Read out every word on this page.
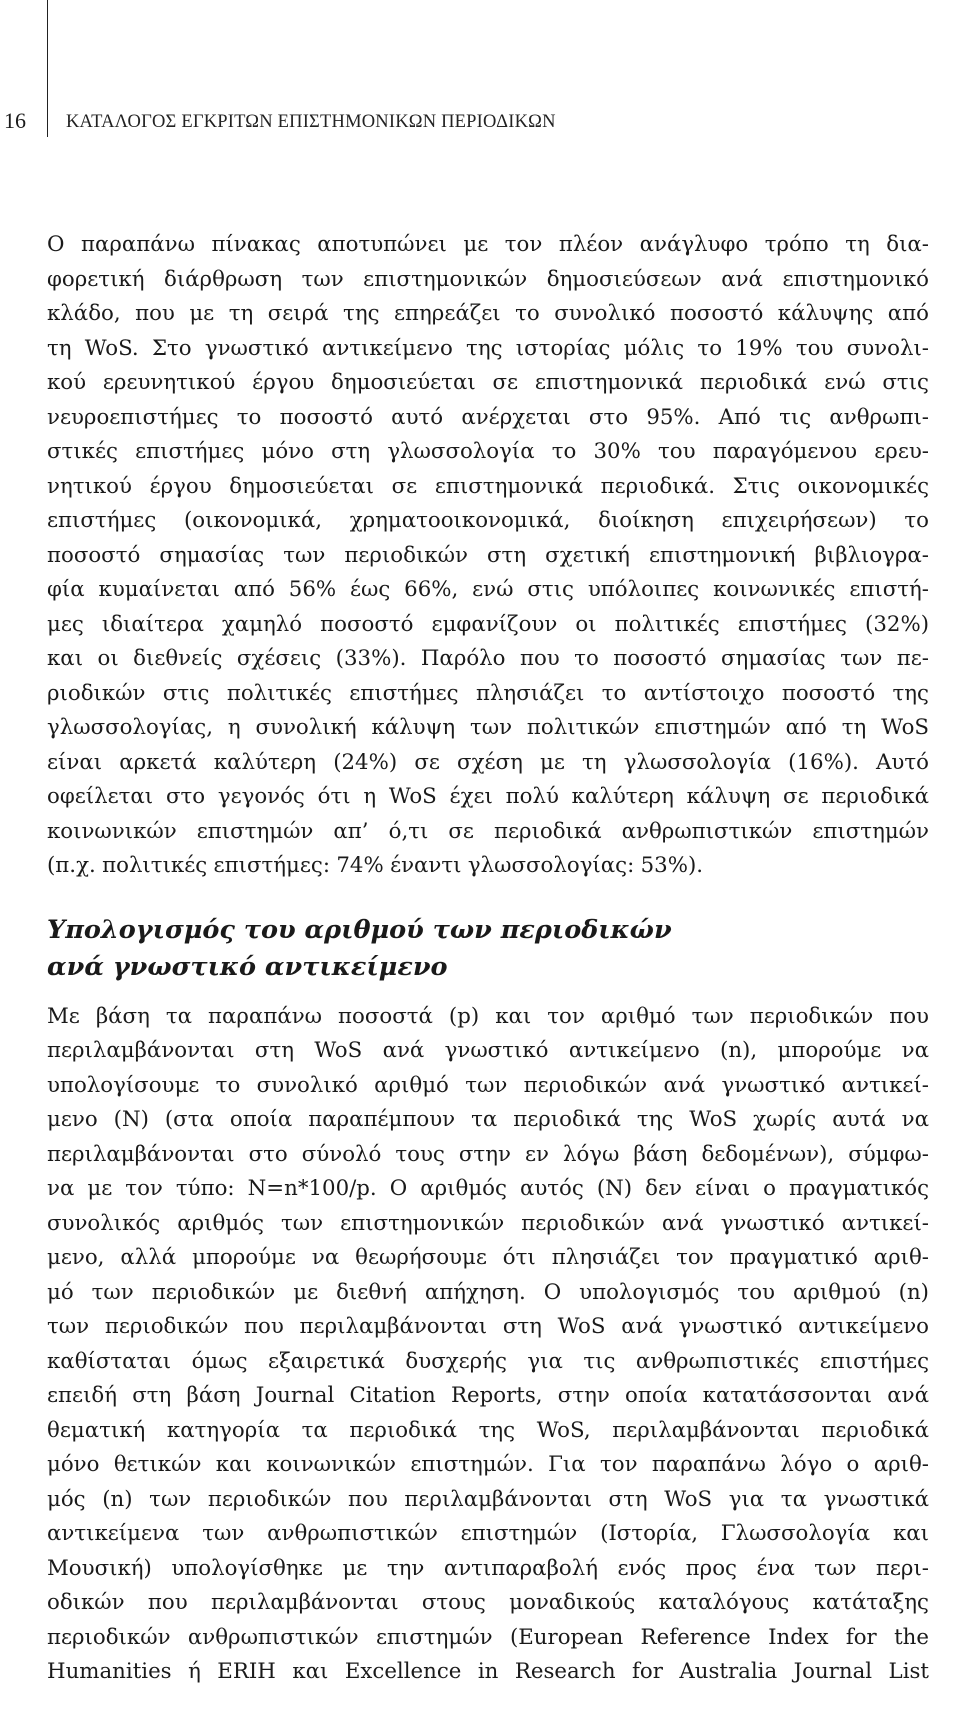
16 ΚΑΤΑΛΟΓΟΣ ΕΓΚΡΙΤΩΝ ΕΠΙΣΤΗΜΟΝΙΚΩΝ ΠΕΡΙΟΔΙΚΩΝ
Ο παραπάνω πίνακας αποτυπώνει με τον πλέον ανάγλυφο τρόπο τη δια-
φορετική διάρθρωση των επιστημονικών δημοσιεύσεων ανά επιστημονικό
κλάδο, που με τη σειρά της επηρεάζει το συνολικό ποσοστό κάλυψης από
τη WoS. Στο γνωστικό αντικείμενο της ιστορίας μόλις το 19% του συνολι-
κού ερευνητικού έργου δημοσιεύεται σε επιστημονικά περιοδικά ενώ στις
νευροεπιστήμες το ποσοστό αυτό ανέρχεται στο 95%. Από τις ανθρωπι-
στικές επιστήμες μόνο στη γλωσσολογία το 30% του παραγόμενου ερευ-
νητικού έργου δημοσιεύεται σε επιστημονικά περιοδικά. Στις οικονομικές
επιστήμες (οικονομικά, χρηματοοικονομικά, διοίκηση επιχειρήσεων) το
ποσοστό σημασίας των περιοδικών στη σχετική επιστημονική βιβλιογρα-
φία κυμαίνεται από 56% έως 66%, ενώ στις υπόλοιπες κοινωνικές επιστή-
μες ιδιαίτερα χαμηλό ποσοστό εμφανίζουν οι πολιτικές επιστήμες (32%)
και οι διεθνείς σχέσεις (33%). Παρόλο που το ποσοστό σημασίας των πε-
ριοδικών στις πολιτικές επιστήμες πλησιάζει το αντίστοιχο ποσοστό της
γλωσσολογίας, η συνολική κάλυψη των πολιτικών επιστημών από τη WoS
είναι αρκετά καλύτερη (24%) σε σχέση με τη γλωσσολογία (16%). Αυτό
οφείλεται στο γεγονός ότι η WoS έχει πολύ καλύτερη κάλυψη σε περιοδικά
κοινωνικών επιστημών απ’ ό,τι σε περιοδικά ανθρωπιστικών επιστημών
(π.χ. πολιτικές επιστήμες: 74% έναντι γλωσσολογίας: 53%).
Υπολογισμός του αριθμού των περιοδικών
ανά γνωστικό αντικείμενο
Με βάση τα παραπάνω ποσοστά (p) και τον αριθμό των περιοδικών που
περιλαμβάνονται στη WoS ανά γνωστικό αντικείμενο (n), μπορούμε να
υπολογίσουμε το συνολικό αριθμό των περιοδικών ανά γνωστικό αντικεί-
μενο (N) (στα οποία παραπέμπουν τα περιοδικά της WoS χωρίς αυτά να
περιλαμβάνονται στο σύνολό τους στην εν λόγω βάση δεδομένων), σύμφω-
να με τον τύπο: N=n*100/p. Ο αριθμός αυτός (N) δεν είναι ο πραγματικός
συνολικός αριθμός των επιστημονικών περιοδικών ανά γνωστικό αντικεί-
μενο, αλλά μπορούμε να θεωρήσουμε ότι πλησιάζει τον πραγματικό αριθ-
μό των περιοδικών με διεθνή απήχηση. Ο υπολογισμός του αριθμού (n)
των περιοδικών που περιλαμβάνονται στη WoS ανά γνωστικό αντικείμενο
καθίσταται όμως εξαιρετικά δυσχερής για τις ανθρωπιστικές επιστήμες
επειδή στη βάση Journal Citation Reports, στην οποία κατατάσσονται ανά
θεματική κατηγορία τα περιοδικά της WoS, περιλαμβάνονται περιοδικά
μόνο θετικών και κοινωνικών επιστημών. Για τον παραπάνω λόγο ο αριθ-
μός (n) των περιοδικών που περιλαμβάνονται στη WoS για τα γνωστικά
αντικείμενα των ανθρωπιστικών επιστημών (Ιστορία, Γλωσσολογία και
Μουσική) υπολογίσθηκε με την αντιπαραβολή ενός προς ένα των περι-
οδικών που περιλαμβάνονται στους μοναδικούς καταλόγους κατάταξης
περιοδικών ανθρωπιστικών επιστημών (European Reference Index for the
Humanities ή ERIH και Excellence in Research for Australia Journal List
